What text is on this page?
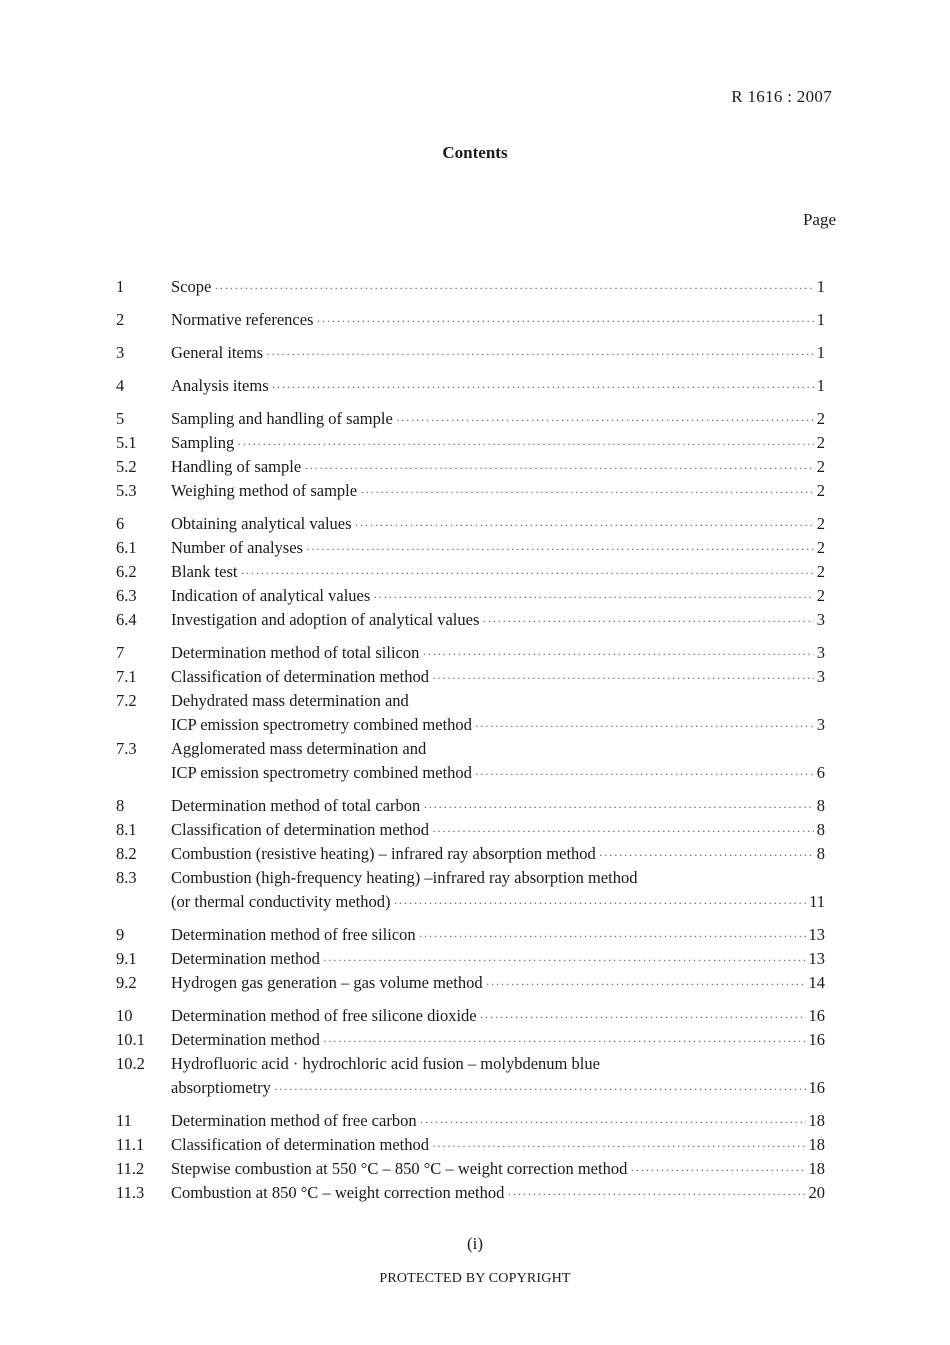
R 1616 : 2007
Contents
Page
1	Scope ·····	1
2	Normative references ·····	1
3	General items ·····	1
4	Analysis items ·····	1
5	Sampling and handling of sample ·····	2
5.1	Sampling ·····	2
5.2	Handling of sample ·····	2
5.3	Weighing method of sample ·····	2
6	Obtaining analytical values ·····	2
6.1	Number of analyses ·····	2
6.2	Blank test ·····	2
6.3	Indication of analytical values ·····	2
6.4	Investigation and adoption of analytical values ·····	3
7	Determination method of total silicon ·····	3
7.1	Classification of determination method ·····	3
7.2	Dehydrated mass determination and
ICP emission spectrometry combined method ·····	3
7.3	Agglomerated mass determination and
ICP emission spectrometry combined method ·····	6
8	Determination method of total carbon ·····	8
8.1	Classification of determination method ·····	8
8.2	Combustion (resistive heating) – infrared ray absorption method ·····	8
8.3	Combustion (high-frequency heating) –infrared ray absorption method
(or thermal conductivity method) ·····	11
9	Determination method of free silicon ·····	13
9.1	Determination method ·····	13
9.2	Hydrogen gas generation – gas volume method ·····	14
10	Determination method of free silicone dioxide ·····	16
10.1	Determination method ·····	16
10.2	Hydrofluoric acid · hydrochloric acid fusion – molybdenum blue
absorptiometry ·····	16
11	Determination method of free carbon ·····	18
11.1	Classification of determination method ·····	18
11.2	Stepwise combustion at 550 °C – 850 °C – weight correction method ·····	18
11.3	Combustion at 850 °C – weight correction method ·····	20
(i)
PROTECTED BY COPYRIGHT
